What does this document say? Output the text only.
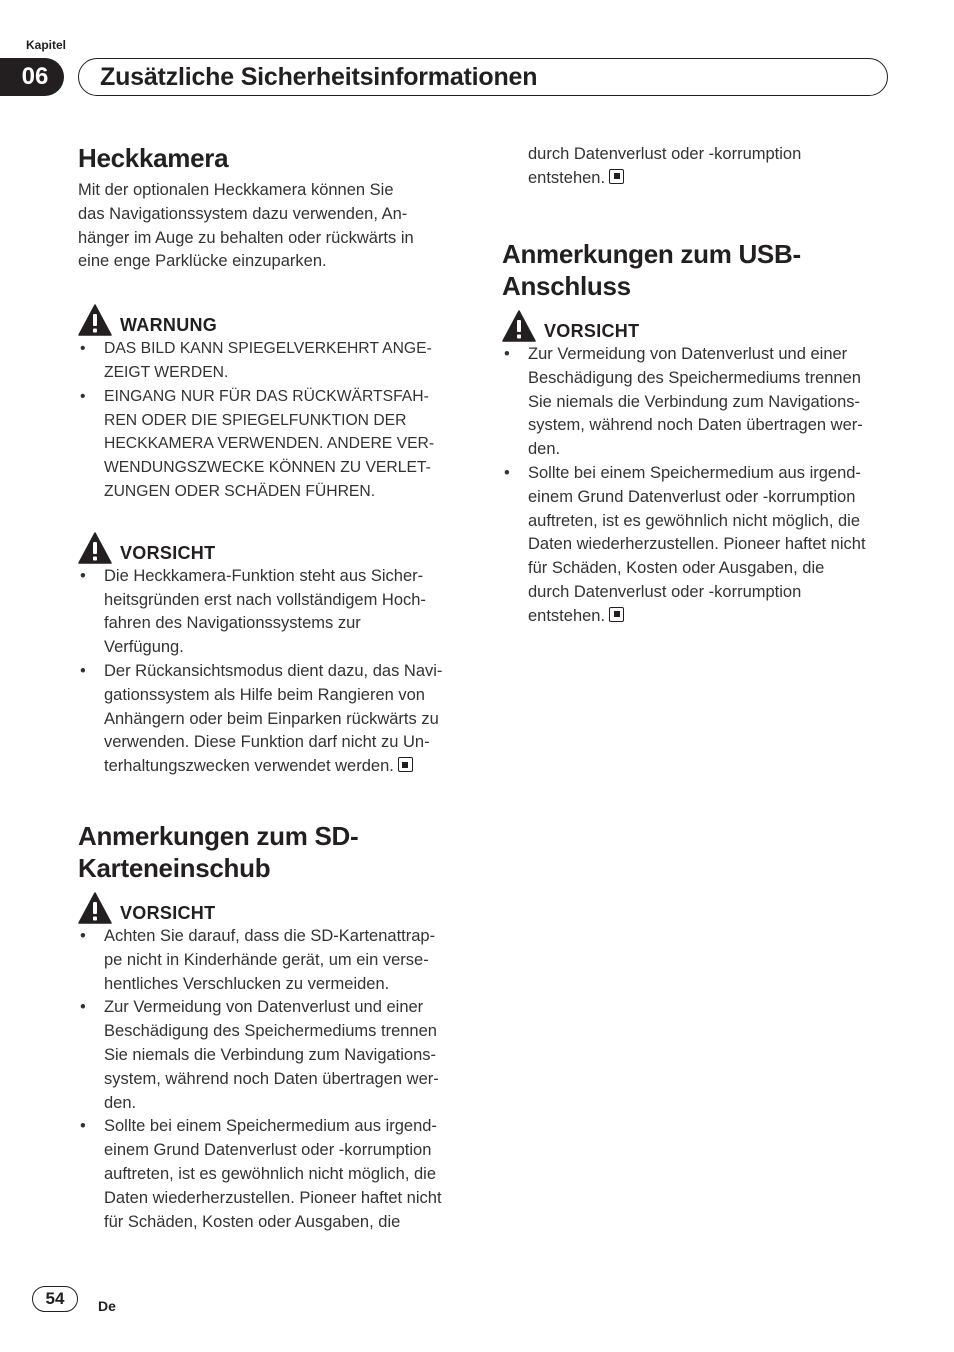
Kapitel
06	Zusätzliche Sicherheitsinformationen
Heckkamera

Mit der optionalen Heckkamera können Sie

das Navigationssystem dazu verwenden, An-

hänger im Auge zu behalten oder rückwärts in

eine enge Parklücke einzuparken.

WARNUNG
• DAS BILD KANN SPIEGELVERKEHRT ANGE-
ZEIGT WERDEN.
• EINGANG NUR FÜR DAS RÜCKWÄRTSFAH-
REN ODER DIE SPIEGELFUNKTION DER
HECKKAMERA VERWENDEN. ANDERE VER-
WENDUNGSZWECKE KÖNNEN ZU VERLET-
ZUNGEN ODER SCHÄDEN FÜHREN.
VORSICHT
• Die Heckkamera-Funktion steht aus Sicher-
heitsgründen erst nach vollständigem Hoch-
fahren des Navigationssystems zur
Verfügung.
• Der Rückansichtsmodus dient dazu, das Navi-
gationssystem als Hilfe beim Rangieren von
Anhängern oder beim Einparken rückwärts zu
verwenden. Diese Funktion darf nicht zu Un-
terhaltungszwecken verwendet werden.
Anmerkungen zum SD-
Karteneinschub
VORSICHT
• Achten Sie darauf, dass die SD-Kartenattrap-
pe nicht in Kinderhände gerät, um ein verse-
hentliches Verschlucken zu vermeiden.
• Zur Vermeidung von Datenverlust und einer
Beschädigung des Speichermediums trennen
Sie niemals die Verbindung zum Navigations-
system, während noch Daten übertragen wer-
den.
• Sollte bei einem Speichermedium aus irgend-
einem Grund Datenverlust oder -korrumption
auftreten, ist es gewöhnlich nicht möglich, die
Daten wiederherzustellen. Pioneer haftet nicht
für Schäden, Kosten oder Ausgaben, die
durch Datenverlust oder -korrumption
entstehen.
Anmerkungen zum USB-
Anschluss
VORSICHT
• Zur Vermeidung von Datenverlust und einer
Beschädigung des Speichermediums trennen
Sie niemals die Verbindung zum Navigations-
system, während noch Daten übertragen wer-
den.
• Sollte bei einem Speichermedium aus irgend-
einem Grund Datenverlust oder -korrumption
auftreten, ist es gewöhnlich nicht möglich, die
Daten wiederherzustellen. Pioneer haftet nicht
für Schäden, Kosten oder Ausgaben, die
durch Datenverlust oder -korrumption
entstehen.
54	De
